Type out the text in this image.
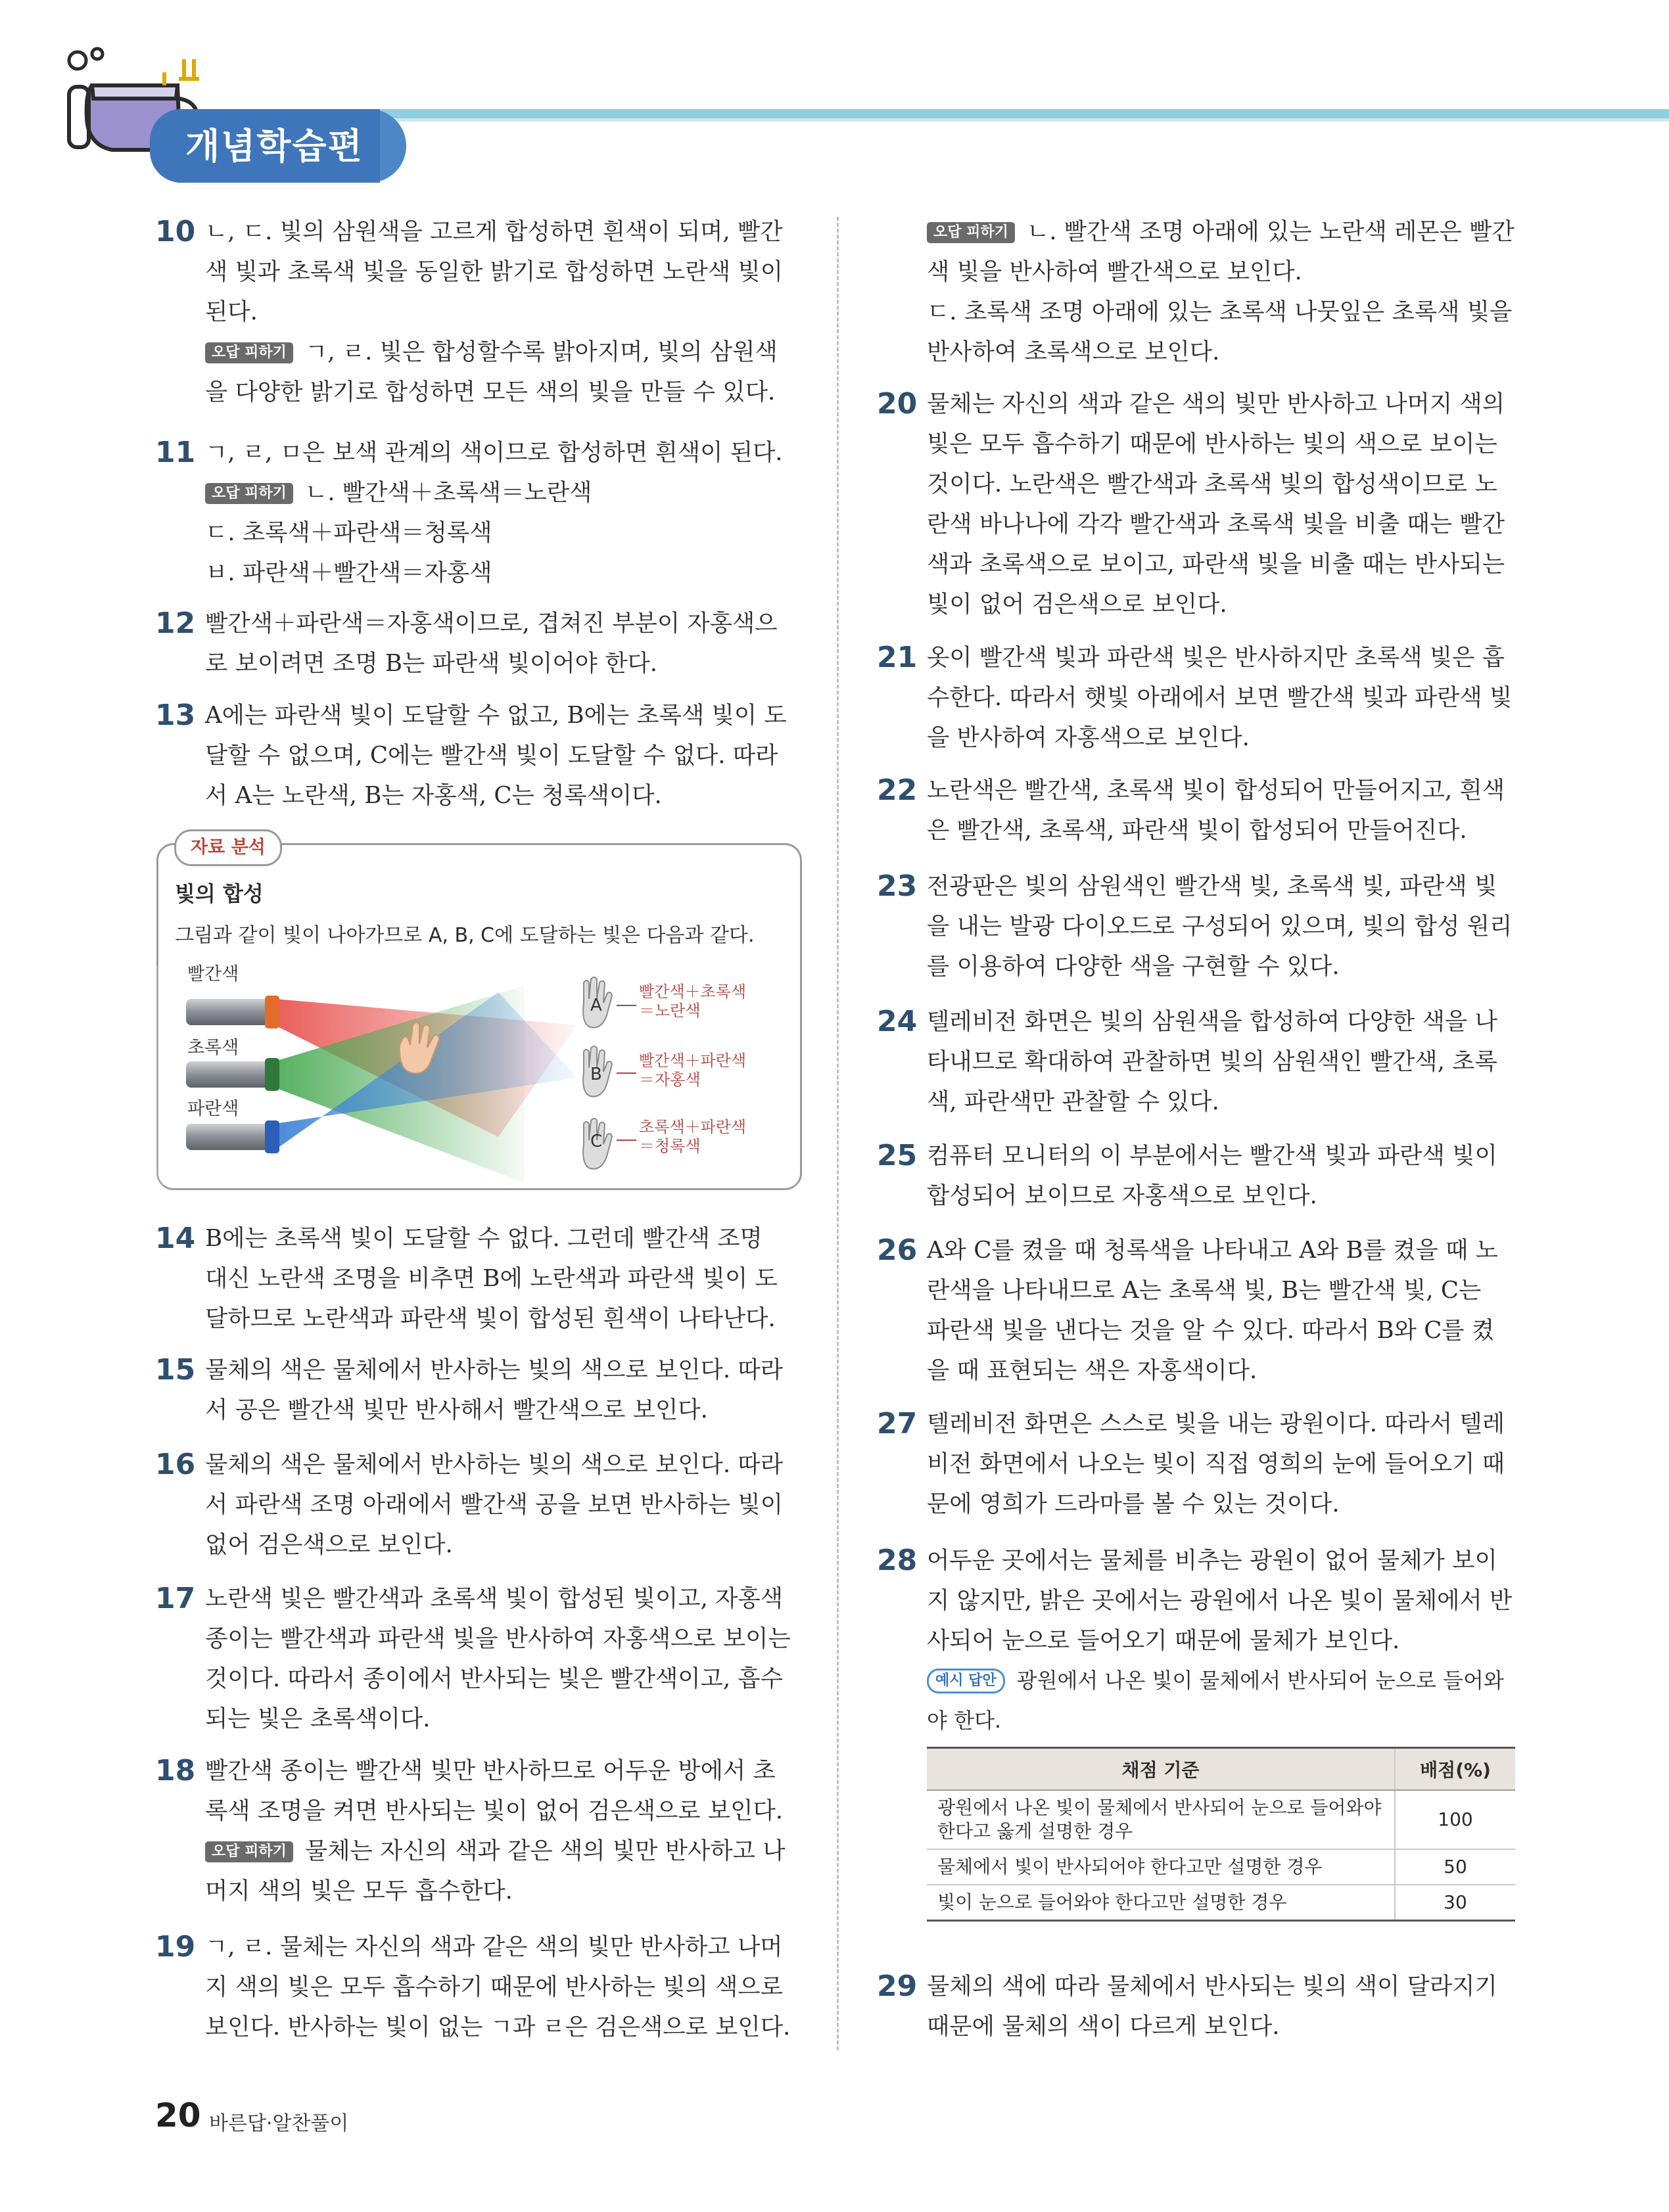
개념학습편
10 ㄴ, ㄷ. 빛의 삼원색을 고르게 합성하면 흰색이 되며, 빨간
색 빛과 초록색 빛을 동일한 밝기로 합성하면 노란색 빛이
된다.
오답 피하기 ㄱ, ㄹ. 빛은 합성할수록 밝아지며, 빛의 삼원색
을 다양한 밝기로 합성하면 모든 색의 빛을 만들 수 있다.
11 ㄱ, ㄹ, ㅁ은 보색 관계의 색이므로 합성하면 흰색이 된다.
오답 피하기 ㄴ. 빨간색＋초록색＝노란색
ㄷ. 초록색＋파란색＝청록색
ㅂ. 파란색＋빨간색＝자홍색
12 빨간색＋파란색＝자홍색이므로, 겹쳐진 부분이 자홍색으
로 보이려면 조명 B는 파란색 빛이어야 한다.
13 A에는 파란색 빛이 도달할 수 없고, B에는 초록색 빛이 도
달할 수 없으며, C에는 빨간색 빛이 도달할 수 없다. 따라
서 A는 노란색, B는 자홍색, C는 청록색이다.
자료 분석
빛의 합성
그림과 같이 빛이 나아가므로 A, B, C에 도달하는 빛은 다음과 같다.
빨간색
초록색
파란색
A
B
C
빨간색＋초록색
＝노란색
빨간색＋파란색
＝자홍색
초록색＋파란색
＝청록색
14 B에는 초록색 빛이 도달할 수 없다. 그런데 빨간색 조명
대신 노란색 조명을 비추면 B에 노란색과 파란색 빛이 도
달하므로 노란색과 파란색 빛이 합성된 흰색이 나타난다.
15 물체의 색은 물체에서 반사하는 빛의 색으로 보인다. 따라
서 공은 빨간색 빛만 반사해서 빨간색으로 보인다.
16 물체의 색은 물체에서 반사하는 빛의 색으로 보인다. 따라
서 파란색 조명 아래에서 빨간색 공을 보면 반사하는 빛이
없어 검은색으로 보인다.
17 노란색 빛은 빨간색과 초록색 빛이 합성된 빛이고, 자홍색
종이는 빨간색과 파란색 빛을 반사하여 자홍색으로 보이는
것이다. 따라서 종이에서 반사되는 빛은 빨간색이고, 흡수
되는 빛은 초록색이다.
18 빨간색 종이는 빨간색 빛만 반사하므로 어두운 방에서 초
록색 조명을 켜면 반사되는 빛이 없어 검은색으로 보인다.
오답 피하기 물체는 자신의 색과 같은 색의 빛만 반사하고 나
머지 색의 빛은 모두 흡수한다.
19 ㄱ, ㄹ. 물체는 자신의 색과 같은 색의 빛만 반사하고 나머
지 색의 빛은 모두 흡수하기 때문에 반사하는 빛의 색으로
보인다. 반사하는 빛이 없는 ㄱ과 ㄹ은 검은색으로 보인다.
오답 피하기 ㄴ. 빨간색 조명 아래에 있는 노란색 레몬은 빨간
색 빛을 반사하여 빨간색으로 보인다.
ㄷ. 초록색 조명 아래에 있는 초록색 나뭇잎은 초록색 빛을
반사하여 초록색으로 보인다.
20 물체는 자신의 색과 같은 색의 빛만 반사하고 나머지 색의
빛은 모두 흡수하기 때문에 반사하는 빛의 색으로 보이는
것이다. 노란색은 빨간색과 초록색 빛의 합성색이므로 노
란색 바나나에 각각 빨간색과 초록색 빛을 비출 때는 빨간
색과 초록색으로 보이고, 파란색 빛을 비출 때는 반사되는
빛이 없어 검은색으로 보인다.
21 옷이 빨간색 빛과 파란색 빛은 반사하지만 초록색 빛은 흡
수한다. 따라서 햇빛 아래에서 보면 빨간색 빛과 파란색 빛
을 반사하여 자홍색으로 보인다.
22 노란색은 빨간색, 초록색 빛이 합성되어 만들어지고, 흰색
은 빨간색, 초록색, 파란색 빛이 합성되어 만들어진다.
23 전광판은 빛의 삼원색인 빨간색 빛, 초록색 빛, 파란색 빛
을 내는 발광 다이오드로 구성되어 있으며, 빛의 합성 원리
를 이용하여 다양한 색을 구현할 수 있다.
24 텔레비전 화면은 빛의 삼원색을 합성하여 다양한 색을 나
타내므로 확대하여 관찰하면 빛의 삼원색인 빨간색, 초록
색, 파란색만 관찰할 수 있다.
25 컴퓨터 모니터의 이 부분에서는 빨간색 빛과 파란색 빛이
합성되어 보이므로 자홍색으로 보인다.
26 A와 C를 켰을 때 청록색을 나타내고 A와 B를 켰을 때 노
란색을 나타내므로 A는 초록색 빛, B는 빨간색 빛, C는
파란색 빛을 낸다는 것을 알 수 있다. 따라서 B와 C를 켰
을 때 표현되는 색은 자홍색이다.
27 텔레비전 화면은 스스로 빛을 내는 광원이다. 따라서 텔레
비전 화면에서 나오는 빛이 직접 영희의 눈에 들어오기 때
문에 영희가 드라마를 볼 수 있는 것이다.
28 어두운 곳에서는 물체를 비추는 광원이 없어 물체가 보이
지 않지만, 밝은 곳에서는 광원에서 나온 빛이 물체에서 반
사되어 눈으로 들어오기 때문에 물체가 보인다.
예시 답안 광원에서 나온 빛이 물체에서 반사되어 눈으로 들어와
야 한다.
채점 기준	배점(%)
광원에서 나온 빛이 물체에서 반사되어 눈으로 들어와야 한다고 옳게 설명한 경우	100
물체에서 빛이 반사되어야 한다고만 설명한 경우	50
빛이 눈으로 들어와야 한다고만 설명한 경우	30
29 물체의 색에 따라 물체에서 반사되는 빛의 색이 달라지기
때문에 물체의 색이 다르게 보인다.
20 바른답·알찬풀이
